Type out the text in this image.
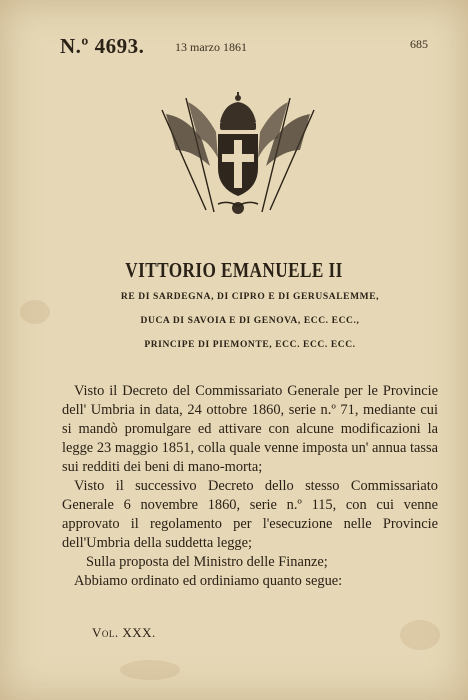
N.º 4693.	13 marzo 1861	685
VITTORIO EMANUELE II
RE DI SARDEGNA, DI CIPRO E DI GERUSALEMME,
DUCA DI SAVOIA E DI GENOVA, ECC. ECC.,
PRINCIPE DI PIEMONTE, ECC. ECC. ECC.

Visto il Decreto del Commissariato Generale per le Provincie dell' Umbria in data, 24 ottobre 1860, serie n.º 71, mediante cui si mandò promulgare ed attivare con alcune modificazioni la legge 23 maggio 1851, colla quale venne imposta un' annua tassa sui redditi dei beni di mano-morta;

Visto il successivo Decreto dello stesso Commissariato Generale 6 novembre 1860, serie n.º 115, con cui venne approvato il regolamento per l'esecuzione nelle Provincie dell'Umbria della suddetta legge;

Sulla proposta del Ministro delle Finanze;

Abbiamo ordinato ed ordiniamo quanto segue:

Vol. XXX.
